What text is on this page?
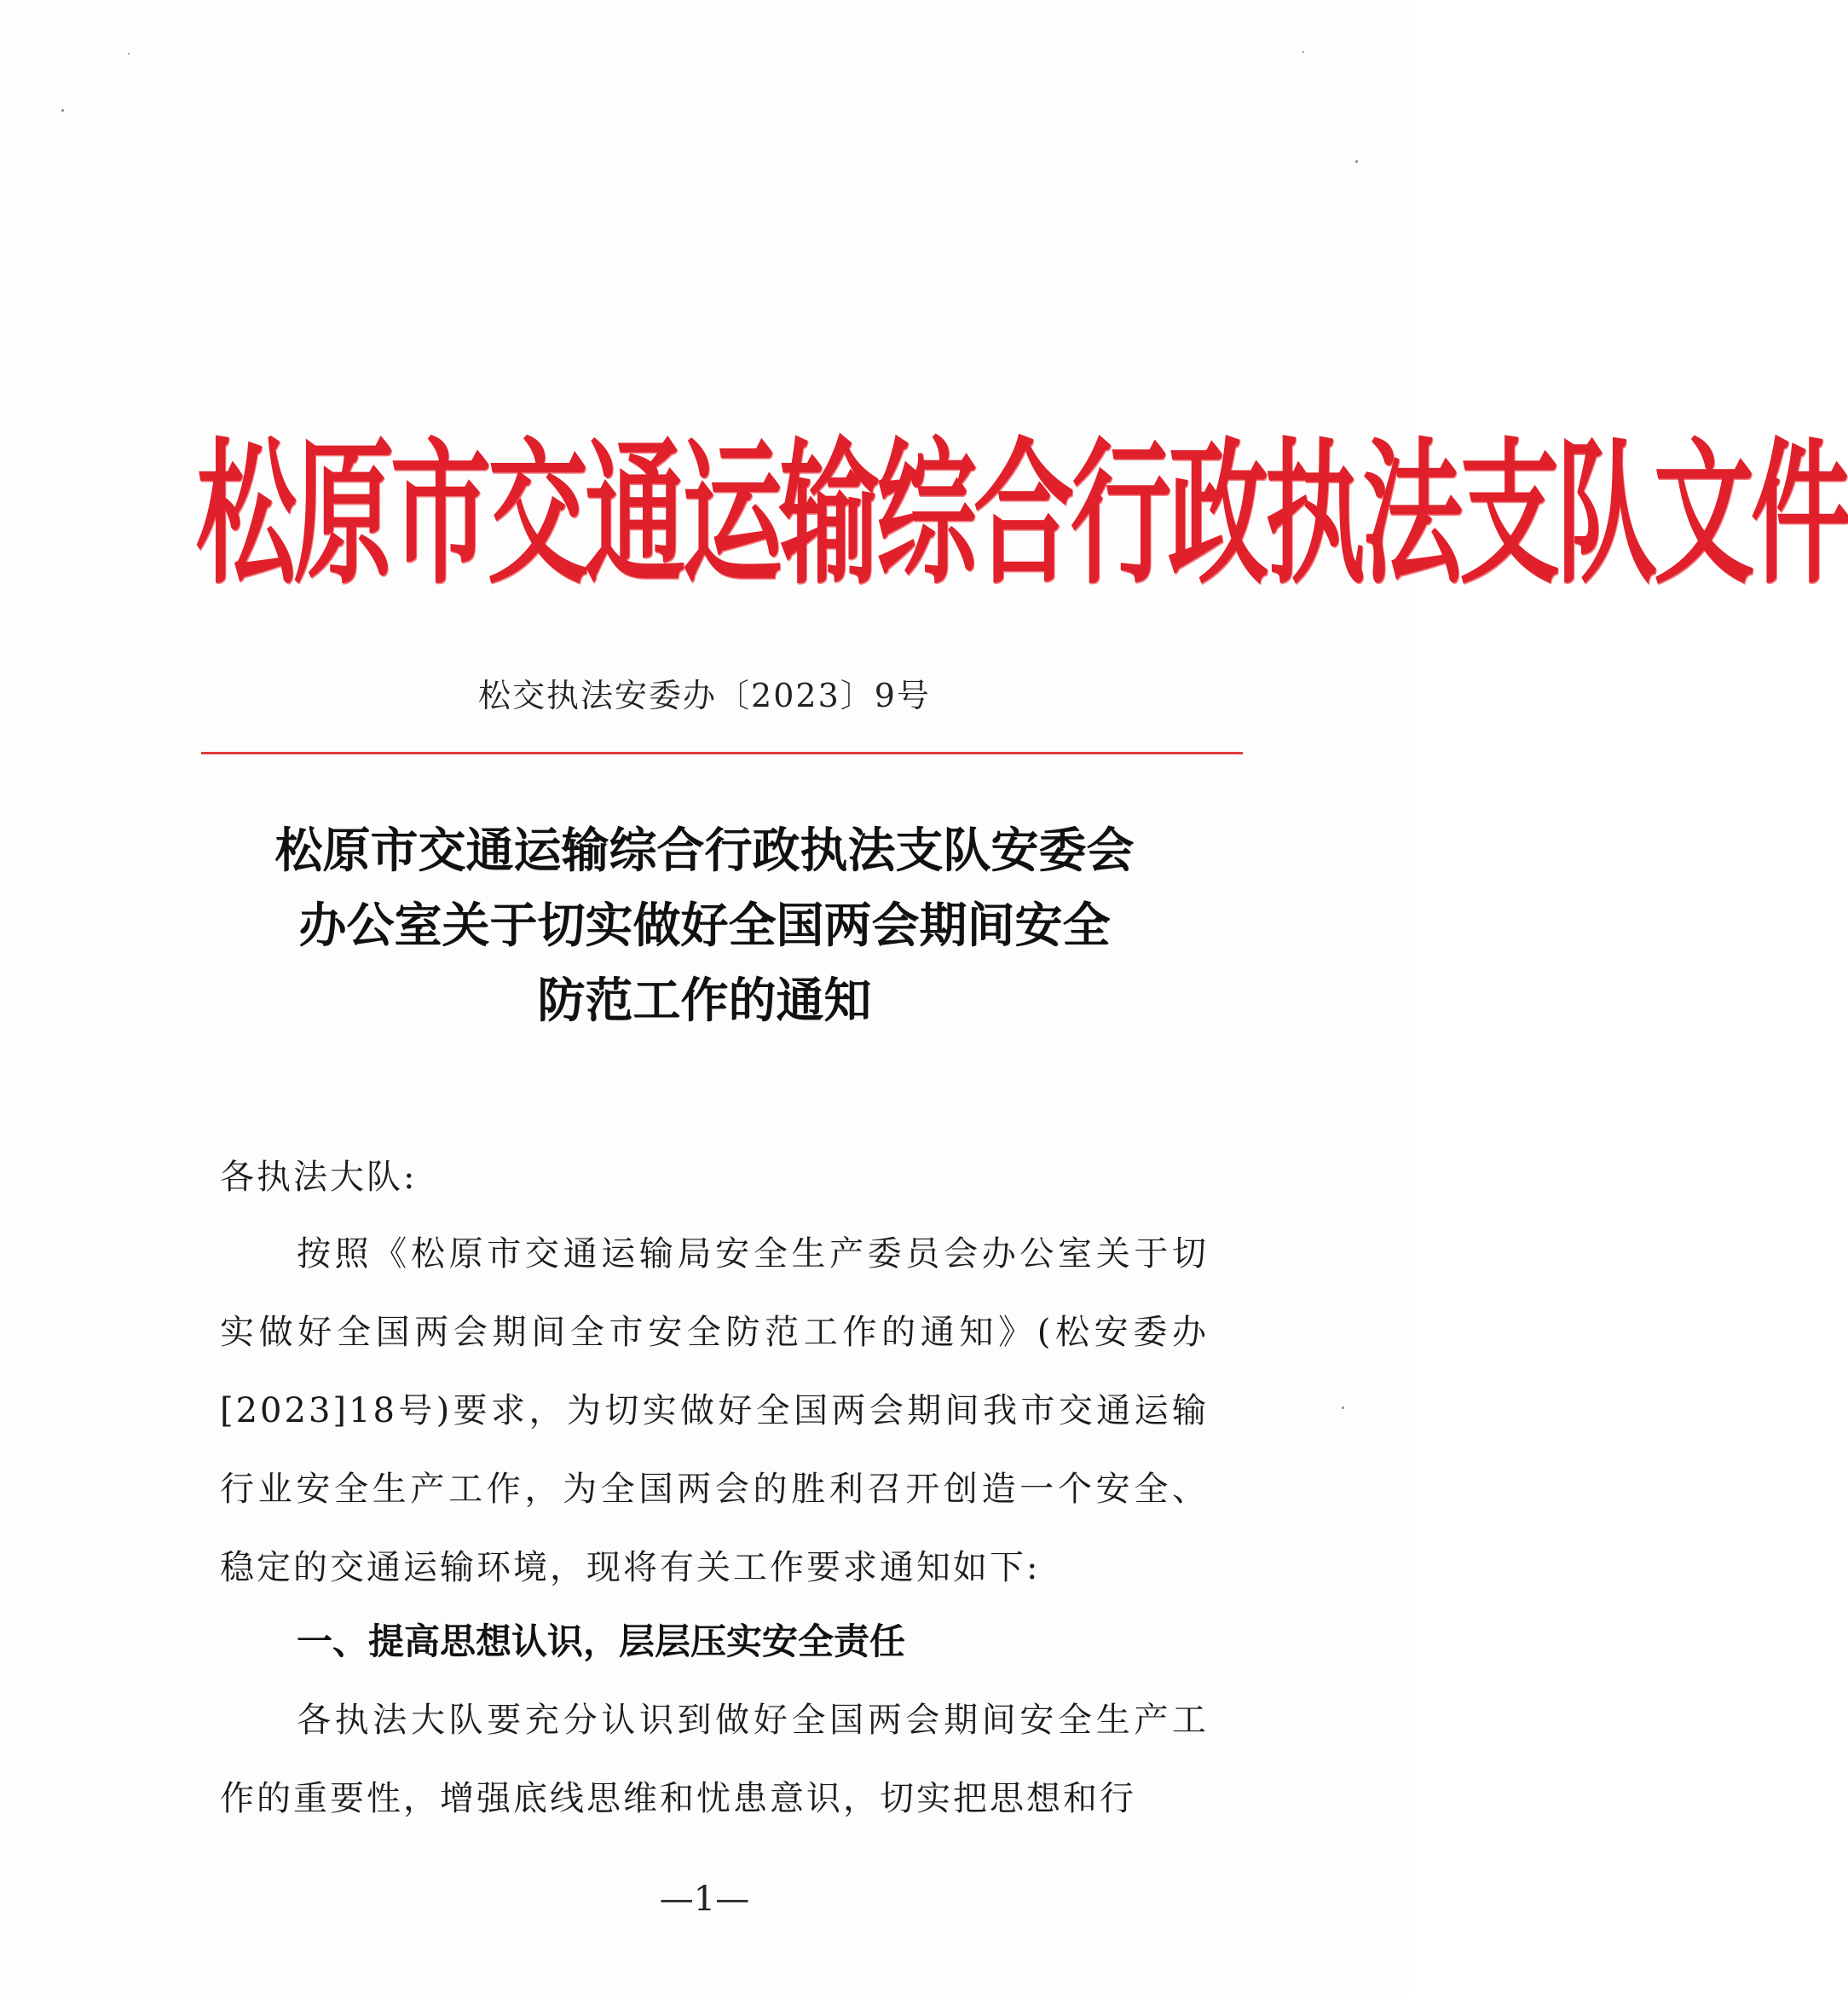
松原市交通运输综合行政执法支队文件
松交执法安委办〔2023〕9号
松原市交通运输综合行政执法支队安委会
办公室关于切实做好全国两会期间安全
防范工作的通知
各执法大队:
按照《松原市交通运输局安全生产委员会办公室关于切实做好全国两会期间全市安全防范工作的通知》(松安委办[2023]18号)要求，为切实做好全国两会期间我市交通运输行业安全生产工作，为全国两会的胜利召开创造一个安全、稳定的交通运输环境，现将有关工作要求通知如下:
一、提高思想认识，层层压实安全责任
各执法大队要充分认识到做好全国两会期间安全生产工作的重要性，增强底线思维和忧患意识，切实把思想和行
—1—
